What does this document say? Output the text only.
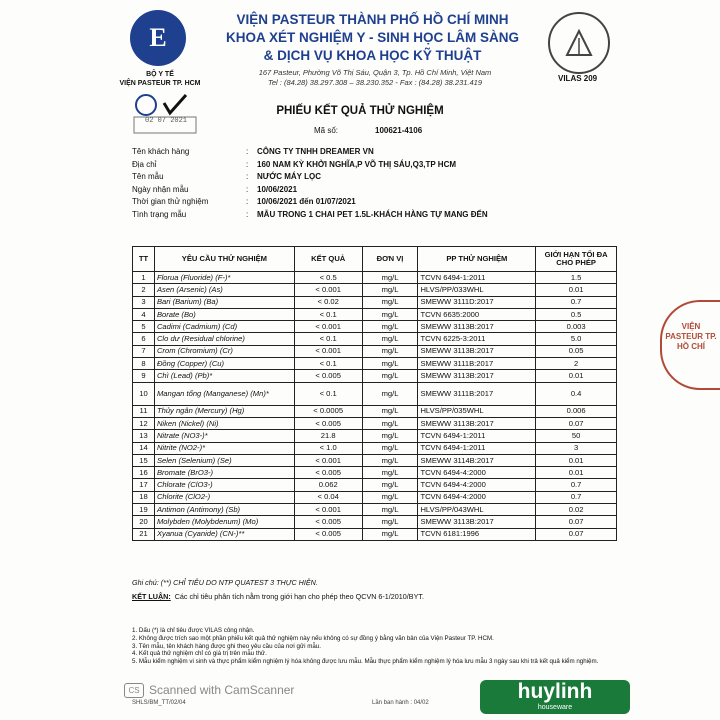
E
BỘ Y TẾ
VIỆN PASTEUR TP. HCM
VIỆN PASTEUR THÀNH PHỐ HỒ CHÍ MINH
KHOA XÉT NGHIỆM Y - SINH HỌC LÂM SÀNG
& DỊCH VỤ KHOA HỌC KỸ THUẬT
167 Pasteur, Phường Võ Thị Sáu, Quận 3, Tp. Hồ Chí Minh, Việt Nam
Tel : (84.28) 38.297.308 – 38.230.352 - Fax : (84.28) 38.231.419	VILAS 209
02 07 2021
PHIẾU KẾT QUẢ THỬ NGHIỆM
Mã số:	100621-4106
Tên khách hàng	: CÔNG TY TNHH DREAMER VN
Địa chỉ	: 160 NAM KỲ KHỞI NGHĨA,P VÕ THỊ SÁU,Q3,TP HCM
Tên mẫu	: NƯỚC MÁY LỌC
Ngày nhận mẫu	: 10/06/2021
Thời gian thử nghiệm	: 10/06/2021 đến 01/07/2021
Tình trạng mẫu	: MẪU TRONG 1 CHAI PET 1.5L-KHÁCH HÀNG TỰ MANG ĐẾN
TT	YÊU CẦU THỬ NGHIỆM	KẾT QUẢ	ĐƠN VỊ	PP THỬ NGHIỆM	GIỚI HẠN TỐI ĐA CHO PHÉP
1	Florua (Fluoride) (F-)*	< 0.5	mg/L	TCVN 6494-1:2011	1.5
2	Asen (Arsenic) (As)	< 0.001	mg/L	HLVS/PP/033WHL	0.01
3	Bari (Barium) (Ba)	< 0.02	mg/L	SMEWW 3111D:2017	0.7
4	Borate (Bo)	< 0.1	mg/L	TCVN 6635:2000	0.5
5	Cadimi (Cadmium) (Cd)	< 0.001	mg/L	SMEWW 3113B:2017	0.003
6	Clo dư (Residual chlorine)	< 0.1	mg/L	TCVN 6225-3:2011	5.0
7	Crom (Chromium) (Cr)	< 0.001	mg/L	SMEWW 3113B:2017	0.05
8	Đồng (Copper) (Cu)	< 0.1	mg/L	SMEWW 3111B:2017	2
9	Chì (Lead) (Pb)*	< 0.005	mg/L	SMEWW 3113B:2017	0.01
10	Mangan tổng (Manganese) (Mn)*	< 0.1	mg/L	SMEWW 3111B:2017	0.4
11	Thủy ngân (Mercury) (Hg)	< 0.0005	mg/L	HLVS/PP/035WHL	0.006
12	Niken (Nickel) (Ni)	< 0.005	mg/L	SMEWW 3113B:2017	0.07
13	Nitrate (NO3-)*	21.8	mg/L	TCVN 6494-1:2011	50
14	Nitrite (NO2-)*	< 1.0	mg/L	TCVN 6494-1:2011	3
15	Selen (Selenium) (Se)	< 0.001	mg/L	SMEWW 3114B:2017	0.01
16	Bromate (BrO3-)	< 0.005	mg/L	TCVN 6494-4:2000	0.01
17	Chlorate (ClO3-)	0.062	mg/L	TCVN 6494-4:2000	0.7
18	Chlorite (ClO2-)	< 0.04	mg/L	TCVN 6494-4:2000	0.7
19	Antimon (Antimony) (Sb)	< 0.001	mg/L	HLVS/PP/043WHL	0.02
20	Molybden (Molybdenum) (Mo)	< 0.005	mg/L	SMEWW 3113B:2017	0.07
21	Xyanua (Cyanide) (CN-)**	< 0.005	mg/L	TCVN 6181:1996	0.07
Ghi chú: (**) CHỈ TIÊU DO NTP QUATEST 3 THỰC HIỆN.
KẾT LUẬN: Các chỉ tiêu phân tích nằm trong giới hạn cho phép theo QCVN 6-1/2010/BYT.
1. Dấu (*) là chỉ tiêu được VILAS công nhận.
2. Không được trích sao một phần phiếu kết quả thử nghiệm này nếu không có sự đồng ý bằng văn bản của Viện Pasteur TP. HCM.
3. Tên mẫu, tên khách hàng được ghi theo yêu cầu của nơi gửi mẫu.
4. Kết quả thử nghiệm chỉ có giá trị trên mẫu thử.
5. Mẫu kiểm nghiệm vi sinh và thực phẩm kiểm nghiệm lý hóa không được lưu mẫu. Mẫu thực phẩm kiểm nghiệm lý hóa lưu mẫu 3 ngày sau khi trả kết quả kiểm nghiệm.
CS Scanned with CamScanner
SHLS/BM_TT/02/04	Lần ban hành : 04/02	huylinh
houseware
VIỆN PASTEUR TP. HỒ CHÍ
